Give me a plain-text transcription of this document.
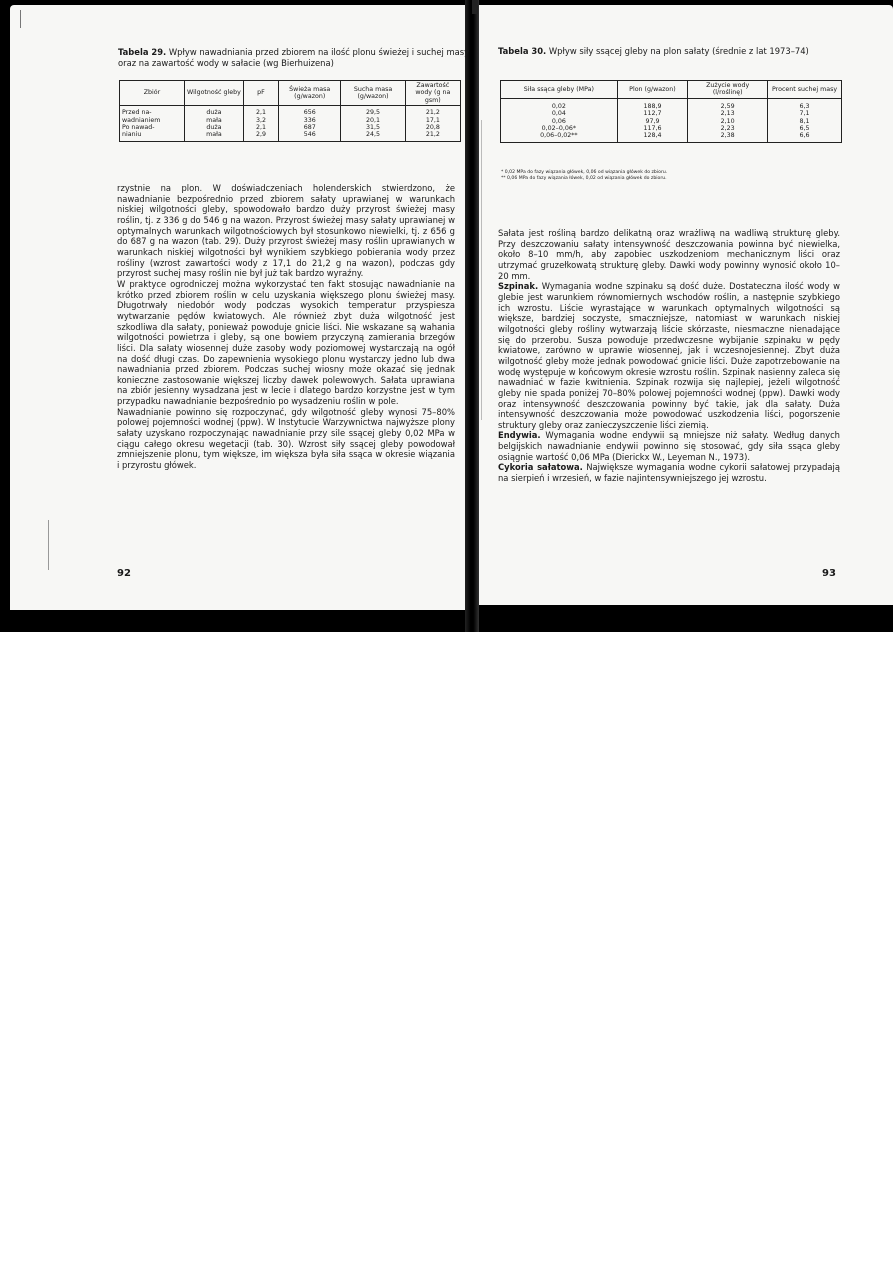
Tabela 29. Wpływ nawadniania przed zbiorem na ilość plonu świeżej i suchej masy oraz na zawartość wody w sałacie (wg Bierhuizena)

Zbiór	Wilgotność gleby	pF	Świeża masa (g/wazon)	Sucha masa (g/wazon)	Zawartość wody (g na gsm)
Przed na-	duża	2,1	656	29,5	21,2
wadnianiem	mała	3,2	336	20,1	17,1
Po nawad-	duża	2,1	687	31,5	20,8
nianiu	mała	2,9	546	24,5	21,2

rzystnie na plon. W doświadczeniach holenderskich stwierdzono, że nawadnianie bezpośrednio przed zbiorem sałaty uprawianej w warunkach niskiej wilgotności gleby, spowodowało bardzo duży przyrost świeżej masy roślin, tj. z 336 g do 546 g na wazon. Przyrost świeżej masy sałaty uprawianej w optymalnych warunkach wilgotnościowych był stosunkowo niewielki, tj. z 656 g do 687 g na wazon (tab. 29). Duży przyrost świeżej masy roślin uprawianych w warunkach niskiej wilgotności był wynikiem szybkiego pobierania wody przez rośliny (wzrost zawartości wody z 17,1 do 21,2 g na wazon), podczas gdy przyrost suchej masy roślin nie był już tak bardzo wyraźny.

W praktyce ogrodniczej można wykorzystać ten fakt stosując nawadnianie na krótko przed zbiorem roślin w celu uzyskania większego plonu świeżej masy. Długotrwały niedobór wody podczas wysokich temperatur przyspiesza wytwarzanie pędów kwiatowych. Ale również zbyt duża wilgotność jest szkodliwa dla sałaty, ponieważ powoduje gnicie liści. Nie wskazane są wahania wilgotności powietrza i gleby, są one bowiem przyczyną zamierania brzegów liści. Dla sałaty wiosennej duże zasoby wody poziomowej wystarczają na ogół na dość długi czas. Do zapewnienia wysokiego plonu wystarczy jedno lub dwa nawadniania przed zbiorem. Podczas suchej wiosny może okazać się jednak konieczne zastosowanie większej liczby dawek polewowych. Sałata uprawiana na zbiór jesienny wysadzana jest w lecie i dlatego bardzo korzystne jest w tym przypadku nawadnianie bezpośrednio po wysadzeniu roślin w pole.

Nawadnianie powinno się rozpoczynać, gdy wilgotność gleby wynosi 75–80% polowej pojemności wodnej (ppw). W Instytucie Warzywnictwa najwyższe plony sałaty uzyskano rozpoczynając nawadnianie przy sile ssącej gleby 0,02 MPa w ciągu całego okresu wegetacji (tab. 30). Wzrost siły ssącej gleby powodował zmniejszenie plonu, tym większe, im większa była siła ssąca w okresie wiązania i przyrostu główek.

92

Tabela 30. Wpływ siły ssącej gleby na plon sałaty (średnie z lat 1973–74)

Siła ssąca gleby (MPa)	Plon (g/wazon)	Zużycie wody (l/roślinę)	Procent suchej masy
0,02	188,9	2,59	6,3
0,04	112,7	2,13	7,1
0,06	97,9	2,10	8,1
0,02–0,06*	117,6	2,23	6,5
0,06–0,02**	128,4	2,38	6,6
* 0,02 MPa do fazy wiązania główek, 0,06 od wiązania główek do zbioru.
** 0,06 MPa do fazy wiązania łówek, 0,02 od wiązania główek do zbioru.

Sałata jest rośliną bardzo delikatną oraz wrażliwą na wadliwą strukturę gleby. Przy deszczowaniu sałaty intensywność deszczowania powinna być niewielka, około 8–10 mm/h, aby zapobiec uszkodzeniom mechanicznym liści oraz utrzymać gruzełkowatą strukturę gleby. Dawki wody powinny wynosić około 10–20 mm.

Szpinak. Wymagania wodne szpinaku są dość duże. Dostateczna ilość wody w glebie jest warunkiem równomiernych wschodów roślin, a następnie szybkiego ich wzrostu. Liście wyrastające w warunkach optymalnych wilgotności są większe, bardziej soczyste, smaczniejsze, natomiast w warunkach niskiej wilgotności gleby rośliny wytwarzają liście skórzaste, niesmaczne nienadające się do przerobu. Susza powoduje przedwczesne wybijanie szpinaku w pędy kwiatowe, zarówno w uprawie wiosennej, jak i wczesnojesiennej. Zbyt duża wilgotność gleby może jednak powodować gnicie liści. Duże zapotrzebowanie na wodę występuje w końcowym okresie wzrostu roślin. Szpinak nasienny zaleca się nawadniać w fazie kwitnienia. Szpinak rozwija się najlepiej, jeżeli wilgotność gleby nie spada poniżej 70–80% polowej pojemności wodnej (ppw). Dawki wody oraz intensywność deszczowania powinny być takie, jak dla sałaty. Duża intensywność deszczowania może powodować uszkodzenia liści, pogorszenie struktury gleby oraz zanieczyszczenie liści ziemią.

Endywia. Wymagania wodne endywii są mniejsze niż sałaty. Według danych belgijskich nawadnianie endywii powinno się stosować, gdy siła ssąca gleby osiągnie wartość 0,06 MPa (Dierickx W., Leyeman N., 1973).

Cykoria sałatowa. Największe wymagania wodne cykorii sałatowej przypadają na sierpień i wrzesień, w fazie najintensywniejszego jej wzrostu.

93
